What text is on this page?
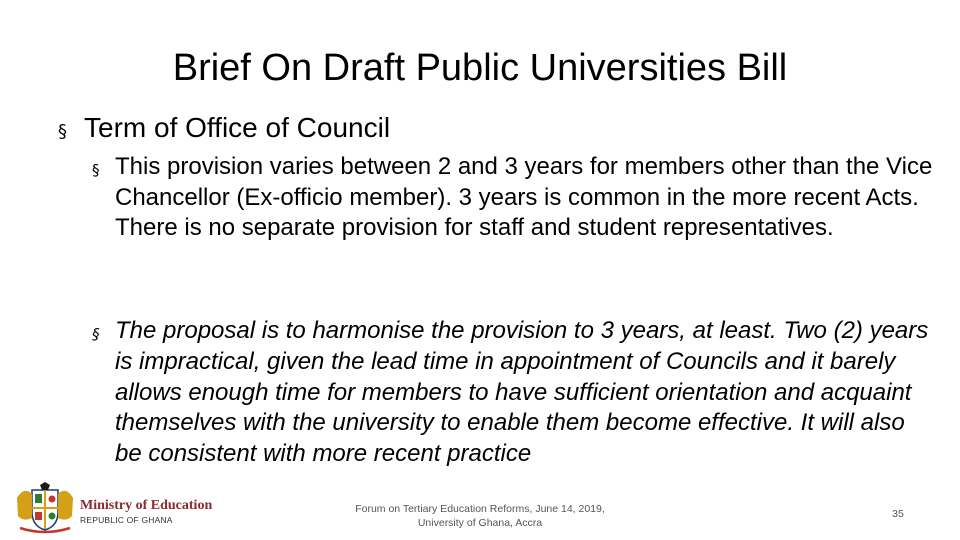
Brief On Draft Public Universities Bill
§ Term of Office of Council
§ This provision varies between 2 and 3 years for members other than the Vice Chancellor (Ex-officio member). 3 years is common in the more recent Acts. There is no separate provision for staff and student representatives.
§ The proposal is to harmonise the provision to 3 years, at least. Two (2) years is impractical, given the lead time in appointment of Councils and it barely allows enough time for members to have sufficient orientation and acquaint themselves with the university to enable them become effective. It will also be consistent with more recent practice
Ministry of Education
REPUBLIC OF GHANA
Forum on Tertiary Education Reforms, June 14, 2019,
University of Ghana, Accra
35
